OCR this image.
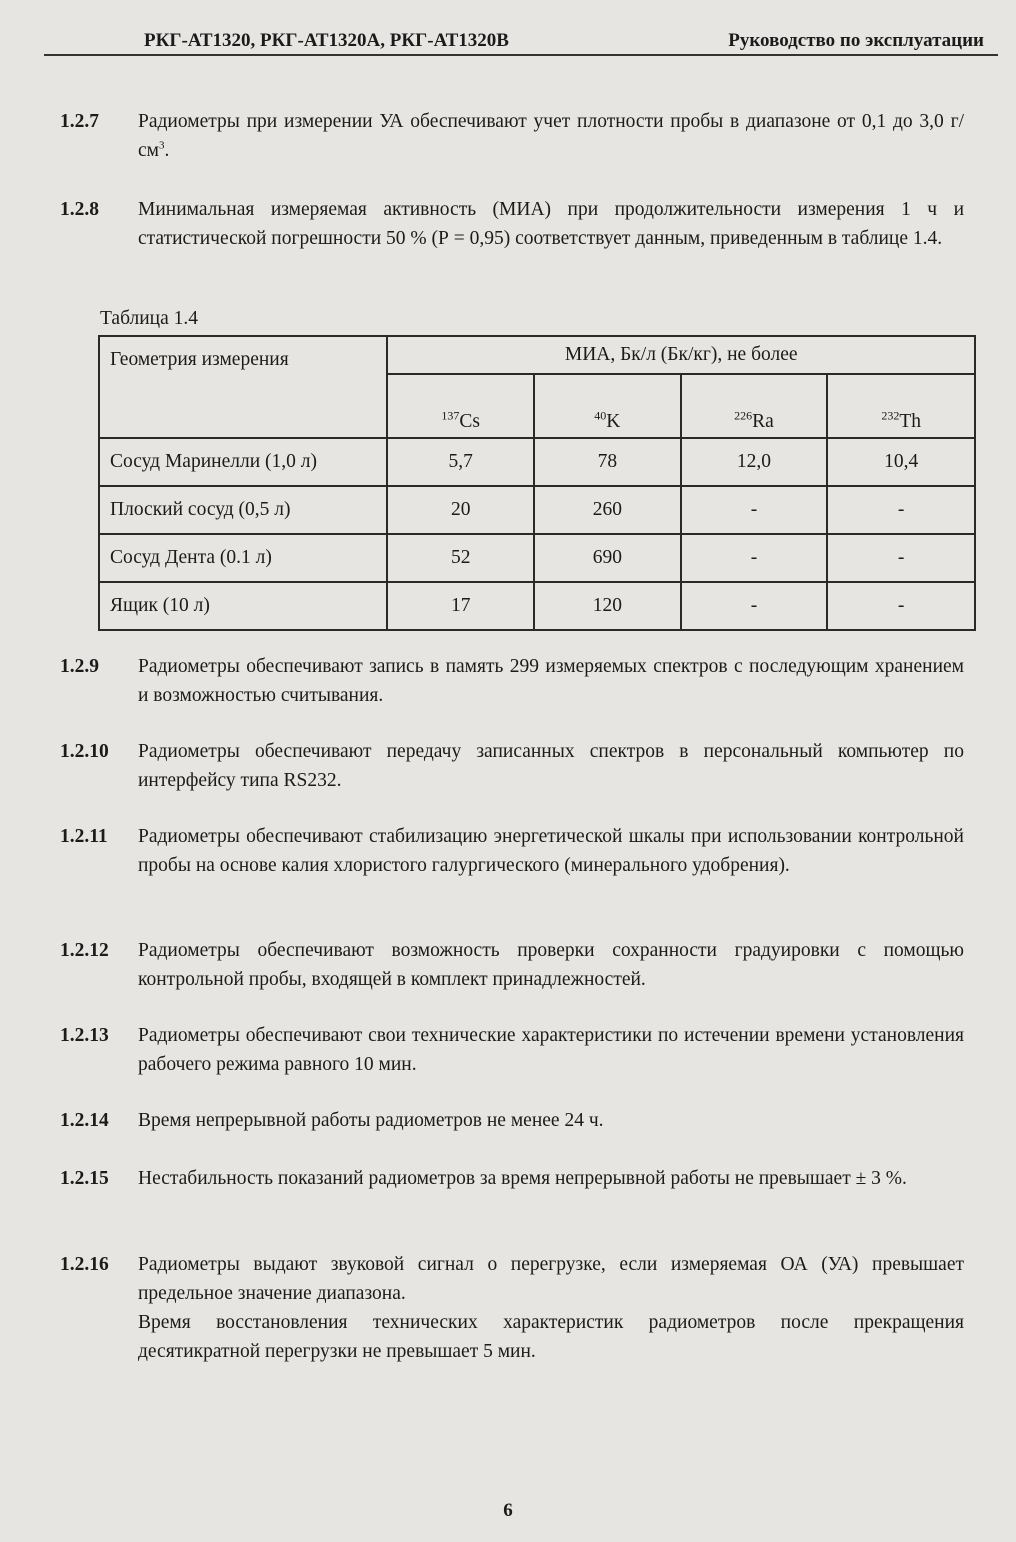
РКГ-АТ1320, РКГ-АТ1320А, РКГ-АТ1320В	Руководство по эксплуатации
1.2.7	Радиометры при измерении УА обеспечивают учет плотности пробы в диапазоне от 0,1 до 3,0 $г/см^3$.

1.2.8	Минимальная измеряемая активность (МИА) при продолжительности измерения 1 ч и статистической погрешности 50 % (Р = 0,95) соответствует данным, приведенным в таблице 1.4.

Таблица 1.4
Геометрия измерения	МИА, Бк/л (Бк/кг), не более			
	$^{137}$Cs	$^{40}$K	$^{226}$Ra	$^{232}$Th
Сосуд Маринелли (1,0 л)	5,7	78	12,0	10,4
Плоский сосуд (0,5 л)	20	260	-	-
Сосуд Дента (0.1 л)	52	690	-	-
Ящик (10 л)	17	120	-	-
1.2.9	Радиометры обеспечивают запись в память 299 измеряемых спектров с последующим хранением и возможностью считывания.

1.2.10	Радиометры обеспечивают передачу записанных спектров в персональный компьютер по интерфейсу типа RS232.

1.2.11	Радиометры обеспечивают стабилизацию энергетической шкалы при использовании контрольной пробы на основе калия хлористого галургического (минерального удобрения).

1.2.12	Радиометры обеспечивают возможность проверки сохранности градуировки с помощью контрольной пробы, входящей в комплект принадлежностей.

1.2.13	Радиометры обеспечивают свои технические характеристики по истечении времени установления рабочего режима равного 10 мин.

1.2.14	Время непрерывной работы радиометров не менее 24 ч.

1.2.15	Нестабильность показаний радиометров за время непрерывной работы не превышает ± 3 %.

1.2.16	Радиометры выдают звуковой сигнал о перегрузке, если измеряемая ОА (УА) превышает предельное значение диапазона.

Время восстановления технических характеристик радиометров после прекращения десятикратной перегрузки не превышает 5 мин.

6
